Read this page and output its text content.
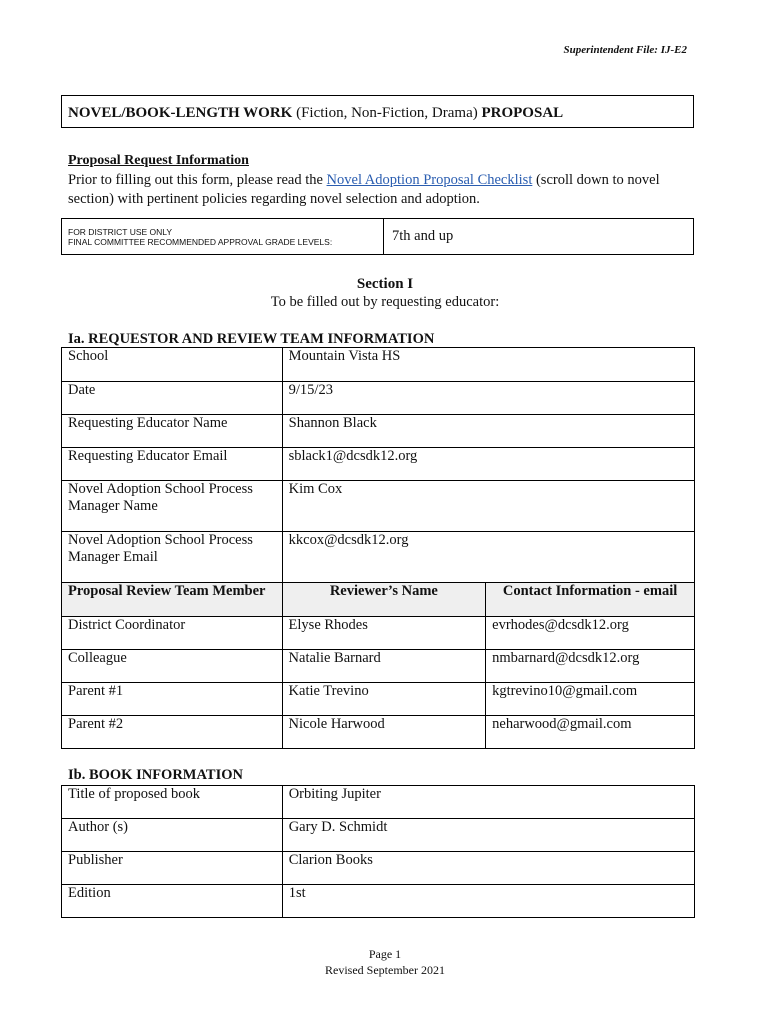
Superintendent File: IJ-E2
NOVEL/BOOK-LENGTH WORK (Fiction, Non-Fiction, Drama) PROPOSAL
Proposal Request Information
Prior to filling out this form, please read the Novel Adoption Proposal Checklist (scroll down to novel section) with pertinent policies regarding novel selection and adoption.
FOR DISTRICT USE ONLY
FINAL COMMITTEE RECOMMENDED APPROVAL GRADE LEVELS:	7th and up
Section I
To be filled out by requesting educator:
Ia. REQUESTOR AND REVIEW TEAM INFORMATION
School	Mountain Vista HS
Date	9/15/23
Requesting Educator Name	Shannon Black
Requesting Educator Email	sblack1@dcsdk12.org
Novel Adoption School Process Manager Name	Kim Cox
Novel Adoption School Process Manager Email	kkcox@dcsdk12.org
Proposal Review Team Member	Reviewer’s Name	Contact Information - email
District Coordinator	Elyse Rhodes	evrhodes@dcsdk12.org
Colleague	Natalie Barnard	nmbarnard@dcsdk12.org
Parent #1	Katie Trevino	kgtrevino10@gmail.com
Parent #2	Nicole Harwood	neharwood@gmail.com
Ib. BOOK INFORMATION
Title of proposed book	Orbiting Jupiter
Author (s)	Gary D. Schmidt
Publisher	Clarion Books
Edition	1st
Page 1
Revised September 2021
